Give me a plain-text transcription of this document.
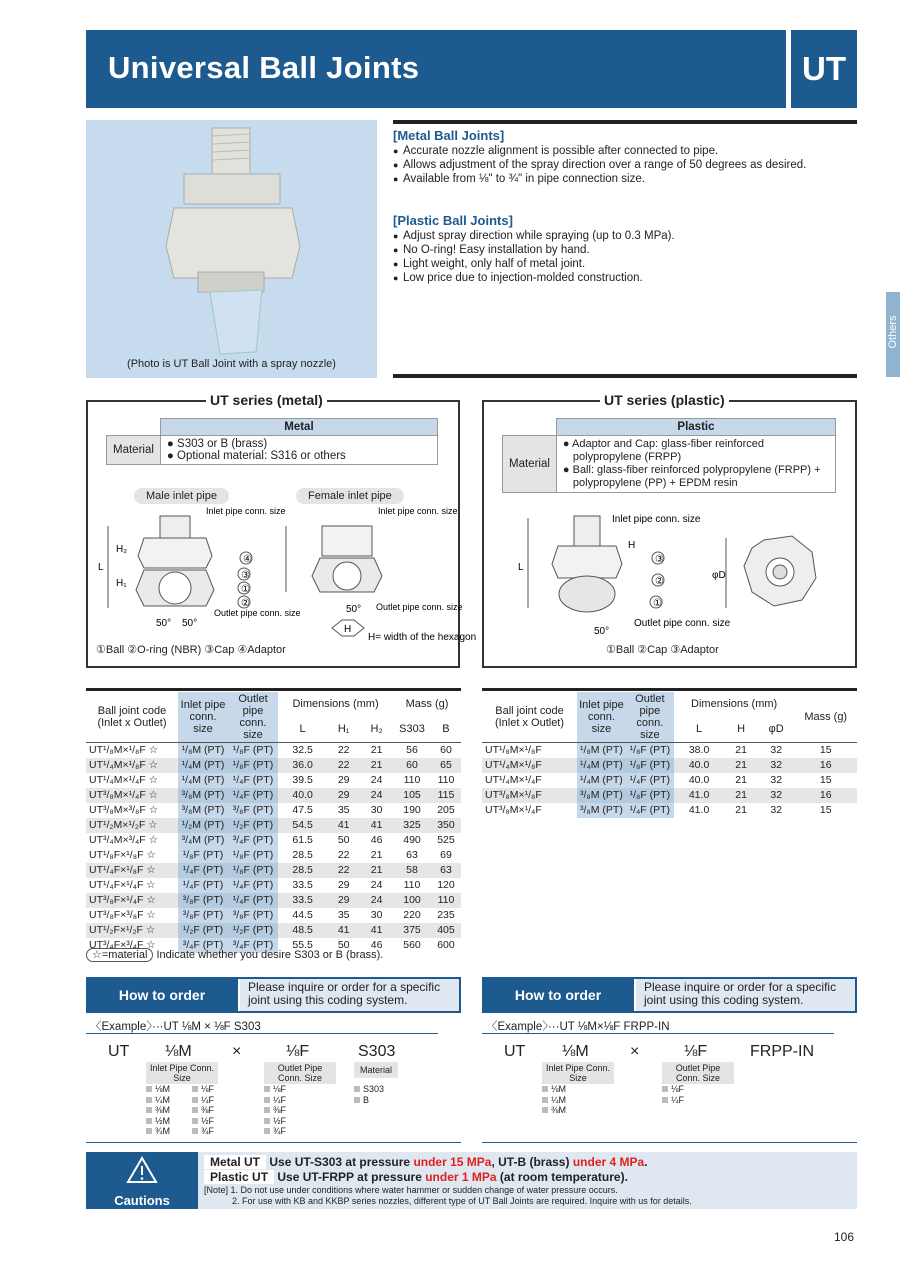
Universal Ball Joints	UT
(Photo is UT Ball Joint with a spray nozzle)
[Metal Ball Joints]
● Accurate nozzle alignment is possible after connected to pipe.
● Allows adjustment of the spray direction over a range of 50 degrees as desired.
● Available from ⅛" to ¾" in pipe connection size.
[Plastic Ball Joints]
● Adjust spray direction while spraying (up to 0.3 MPa).
● No O-ring! Easy installation by hand.
● Light weight, only half of metal joint.
● Low price due to injection-molded construction.
Others
UT series (metal)
	Metal
Material	● S303 or B (brass)
● Optional material: S316 or others
Male inlet pipe	Female inlet pipe
L
H₂
H₁
50° 50°
Inlet pipe conn. size
Outlet pipe conn. size
④
③
①
②
50°
Inlet pipe conn. size
Outlet pipe conn. size
H
H= width of the hexagon
①Ball ②O-ring (NBR) ③Cap ④Adaptor
UT series (plastic)
	Plastic
Material	● Adaptor and Cap: glass-fiber reinforced
polypropylene (FRPP)
● Ball: glass-fiber reinforced polypropylene (FRPP) +
polypropylene (PP) + EPDM resin
L
H
Inlet pipe conn. size
Outlet pipe conn. size
50°
③
②
①
φD
①Ball ②Cap ③Adaptor
Ball joint code (Inlet x Outlet)	Inlet pipe conn. size	Outlet pipe conn. size	Dimensions (mm)			Mass (g)	
			L	H₁	H₂	S303	B
UT¹/₈M×¹/₈F ☆	¹/₈M (PT)	¹/₈F (PT)	32.5	22	21	56	60
UT¹/₄M×¹/₈F ☆	¹/₄M (PT)	¹/₈F (PT)	36.0	22	21	60	65
UT¹/₄M×¹/₄F ☆	¹/₄M (PT)	¹/₄F (PT)	39.5	29	24	110	110
UT³/₈M×¹/₄F ☆	³/₈M (PT)	¹/₄F (PT)	40.0	29	24	105	115
UT³/₈M×³/₈F ☆	³/₈M (PT)	³/₈F (PT)	47.5	35	30	190	205
UT¹/₂M×¹/₂F ☆	¹/₂M (PT)	¹/₂F (PT)	54.5	41	41	325	350
UT³/₄M×³/₄F ☆	³/₄M (PT)	³/₄F (PT)	61.5	50	46	490	525
UT¹/₈F×¹/₈F ☆	¹/₈F (PT)	¹/₈F (PT)	28.5	22	21	63	69
UT¹/₄F×¹/₈F ☆	¹/₄F (PT)	¹/₈F (PT)	28.5	22	21	58	63
UT¹/₄F×¹/₄F ☆	¹/₄F (PT)	¹/₄F (PT)	33.5	29	24	110	120
UT³/₈F×¹/₄F ☆	³/₈F (PT)	¹/₄F (PT)	33.5	29	24	100	110
UT³/₈F×³/₈F ☆	³/₈F (PT)	³/₈F (PT)	44.5	35	30	220	235
UT¹/₂F×¹/₂F ☆	¹/₂F (PT)	¹/₂F (PT)	48.5	41	41	375	405
UT³/₄F×³/₄F ☆	³/₄F (PT)	³/₄F (PT)	55.5	50	46	560	600
Ball joint code (Inlet x Outlet)	Inlet pipe conn. size	Outlet pipe conn. size	Dimensions (mm)			Mass (g)
			L	H	φD	
UT¹/₈M×¹/₈F	¹/₈M (PT)	¹/₈F (PT)	38.0	21	32	15
UT¹/₄M×¹/₈F	¹/₄M (PT)	¹/₈F (PT)	40.0	21	32	16
UT¹/₄M×¹/₄F	¹/₄M (PT)	¹/₄F (PT)	40.0	21	32	15
UT³/₈M×¹/₈F	³/₈M (PT)	¹/₈F (PT)	41.0	21	32	16
UT³/₈M×¹/₄F	³/₈M (PT)	¹/₄F (PT)	41.0	21	32	15
☆=material Indicate whether you desire S303 or B (brass).
How to order	Please inquire or order for a specific joint using this coding system.
〈Example〉···UT ⅛M × ⅛F S303
UT ⅛M	×	⅛F	S303
Inlet Pipe Conn. Size
Outlet Pipe Conn. Size
Material
⅛M
¼M
⅜M
½M
¾M
⅛F
¼F
⅜F
½F
¾F
⅛F
¼F
⅜F
½F
¾F
S303
B
How to order	Please inquire or order for a specific joint using this coding system.
〈Example〉···UT ⅛M×⅛F FRPP-IN
UT ⅛M	×	⅛F	FRPP-IN
Inlet Pipe Conn. Size
Outlet Pipe Conn. Size
⅛M
¼M
⅜M
⅛F
¼F
Cautions
Metal UT Use UT-S303 at pressure under 15 MPa, UT-B (brass) under 4 MPa.
Plastic UT Use UT-FRPP at pressure under 1 MPa (at room temperature).
[Note] 1. Do not use under conditions where water hammer or sudden change of water pressure occurs.
2. For use with KB and KKBP series nozzles, different type of UT Ball Joints are required. Inquire with us for details.
106
